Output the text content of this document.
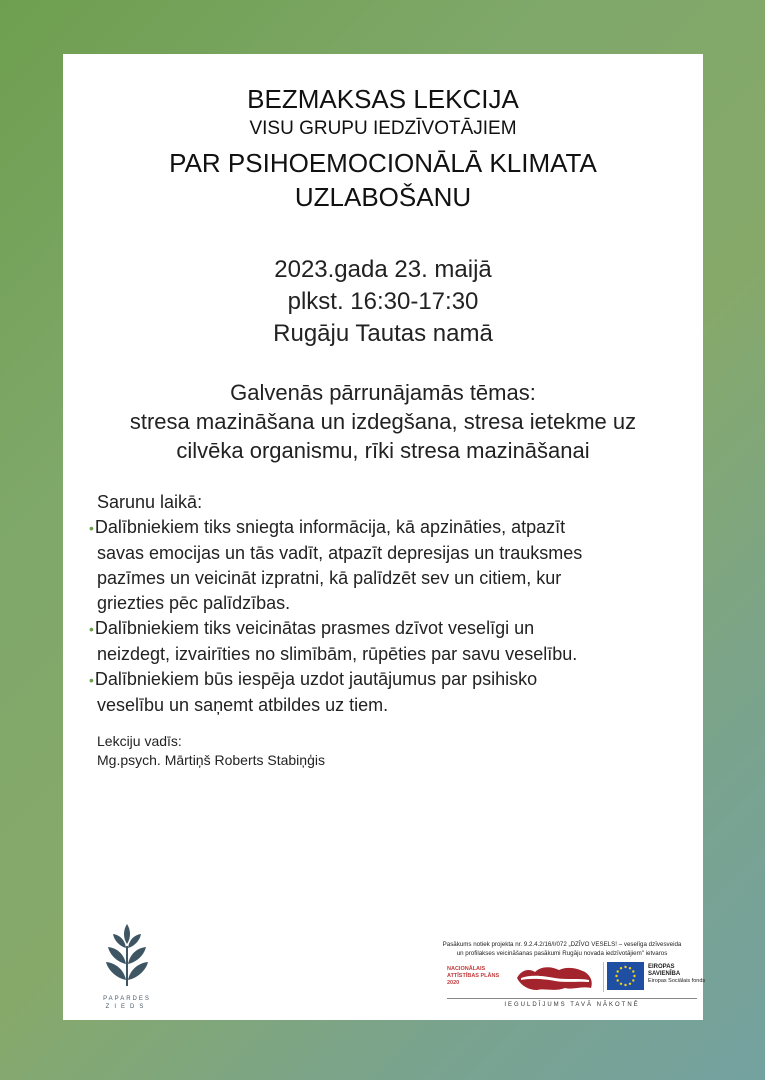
BEZMAKSAS LEKCIJA
VISU GRUPU IEDZĪVOTĀJIEM
PAR PSIHOEMOCIONĀLĀ KLIMATA
UZLABOŠANU
2023.gada 23. maijā
plkst. 16:30-17:30
Rugāju Tautas namā
Galvenās pārrunājamās tēmas:
stresa mazināšana un izdegšana, stresa ietekme uz
cilvēka organismu, rīki stresa mazināšanai
Sarunu laikā:
•Dalībniekiem tiks sniegta informācija, kā apzināties, atpazīt
savas emocijas un tās vadīt, atpazīt depresijas un trauksmes
pazīmes un veicināt izpratni, kā palīdzēt sev un citiem, kur
griezties pēc palīdzības.
•Dalībniekiem tiks veicinātas prasmes dzīvot veselīgi un
neizdegt, izvairīties no slimībām, rūpēties par savu veselību.
•Dalībniekiem būs iespēja uzdot jautājumus par psihisko
veselību un saņemt atbildes uz tiem.
Lekciju vadīs:
Mg.psych. Mārtiņš Roberts Stabiņģis
PAPARDES
ZIEDS
Pasākums notiek projekta nr. 9.2.4.2/16/I/072 „DZĪVO VESELS! – veselīga dzīvesveida
un profilakses veicināšanas pasākumi Rugāju novada iedzīvotājiem" ietvaros
NACIONĀLAIS ATTĪSTĪBAS PLĀNS 2020
EIROPAS SAVIENĪBA
Eiropas Sociālais fonds
IEGULDĪJUMS TAVĀ NĀKOTNĒ
